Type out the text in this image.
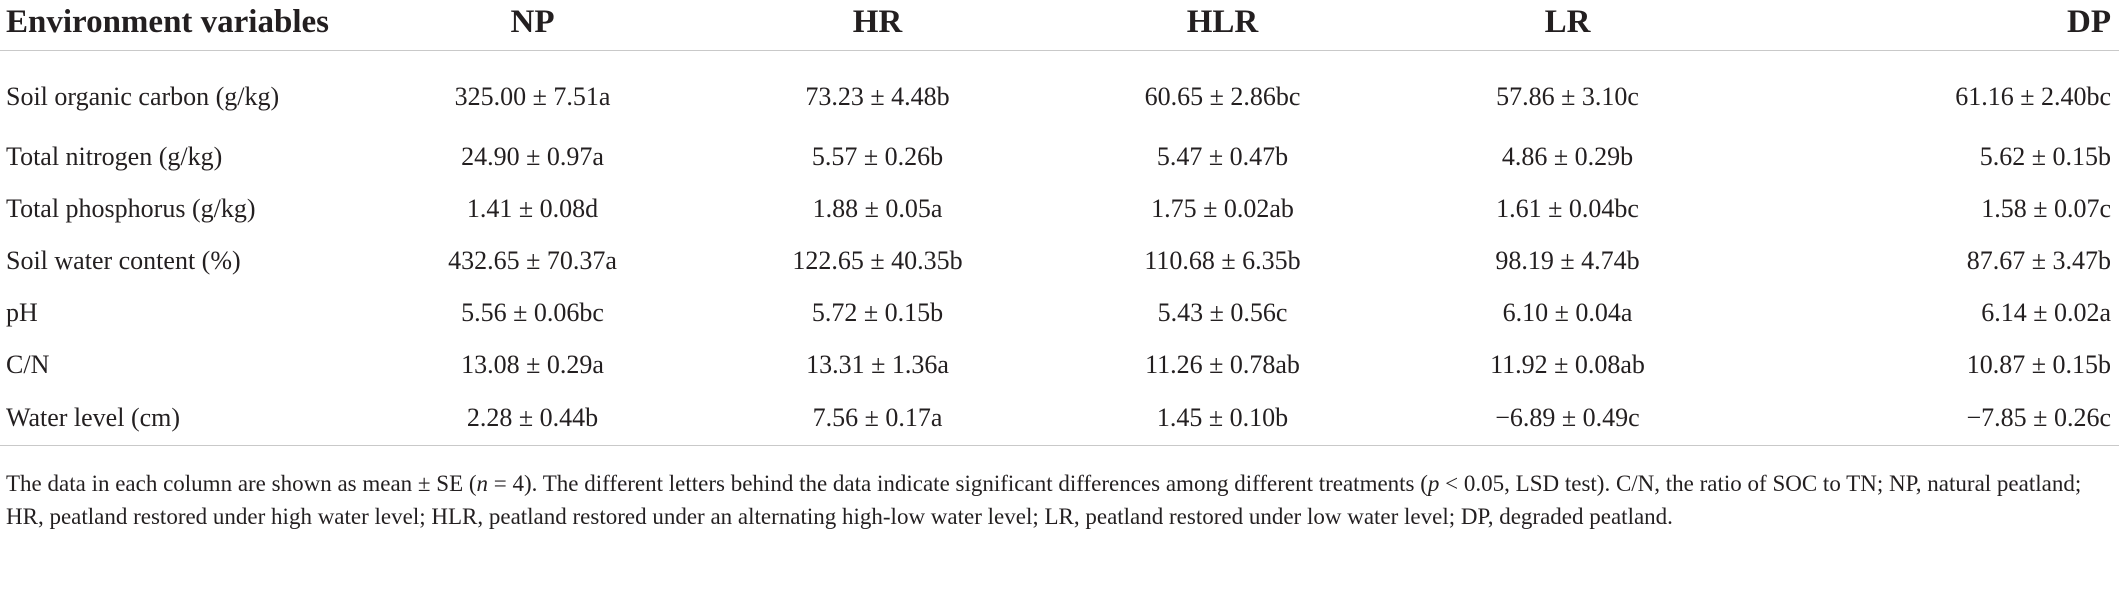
Environment variables	NP	HR	HLR	LR	DP
Soil organic carbon (g/kg)	325.00 ± 7.51a	73.23 ± 4.48b	60.65 ± 2.86bc	57.86 ± 3.10c	61.16 ± 2.40bc
Total nitrogen (g/kg)	24.90 ± 0.97a	5.57 ± 0.26b	5.47 ± 0.47b	4.86 ± 0.29b	5.62 ± 0.15b
Total phosphorus (g/kg)	1.41 ± 0.08d	1.88 ± 0.05a	1.75 ± 0.02ab	1.61 ± 0.04bc	1.58 ± 0.07c
Soil water content (%)	432.65 ± 70.37a	122.65 ± 40.35b	110.68 ± 6.35b	98.19 ± 4.74b	87.67 ± 3.47b
pH	5.56 ± 0.06bc	5.72 ± 0.15b	5.43 ± 0.56c	6.10 ± 0.04a	6.14 ± 0.02a
C/N	13.08 ± 0.29a	13.31 ± 1.36a	11.26 ± 0.78ab	11.92 ± 0.08ab	10.87 ± 0.15b
Water level (cm)	2.28 ± 0.44b	7.56 ± 0.17a	1.45 ± 0.10b	−6.89 ± 0.49c	−7.85 ± 0.26c
The data in each column are shown as mean ± SE (n = 4). The different letters behind the data indicate significant differences among different treatments (p < 0.05, LSD test). C/N, the ratio of SOC to TN; NP, natural peatland; HR, peatland restored under high water level; HLR, peatland restored under an alternating high-low water level; LR, peatland restored under low water level; DP, degraded peatland.
